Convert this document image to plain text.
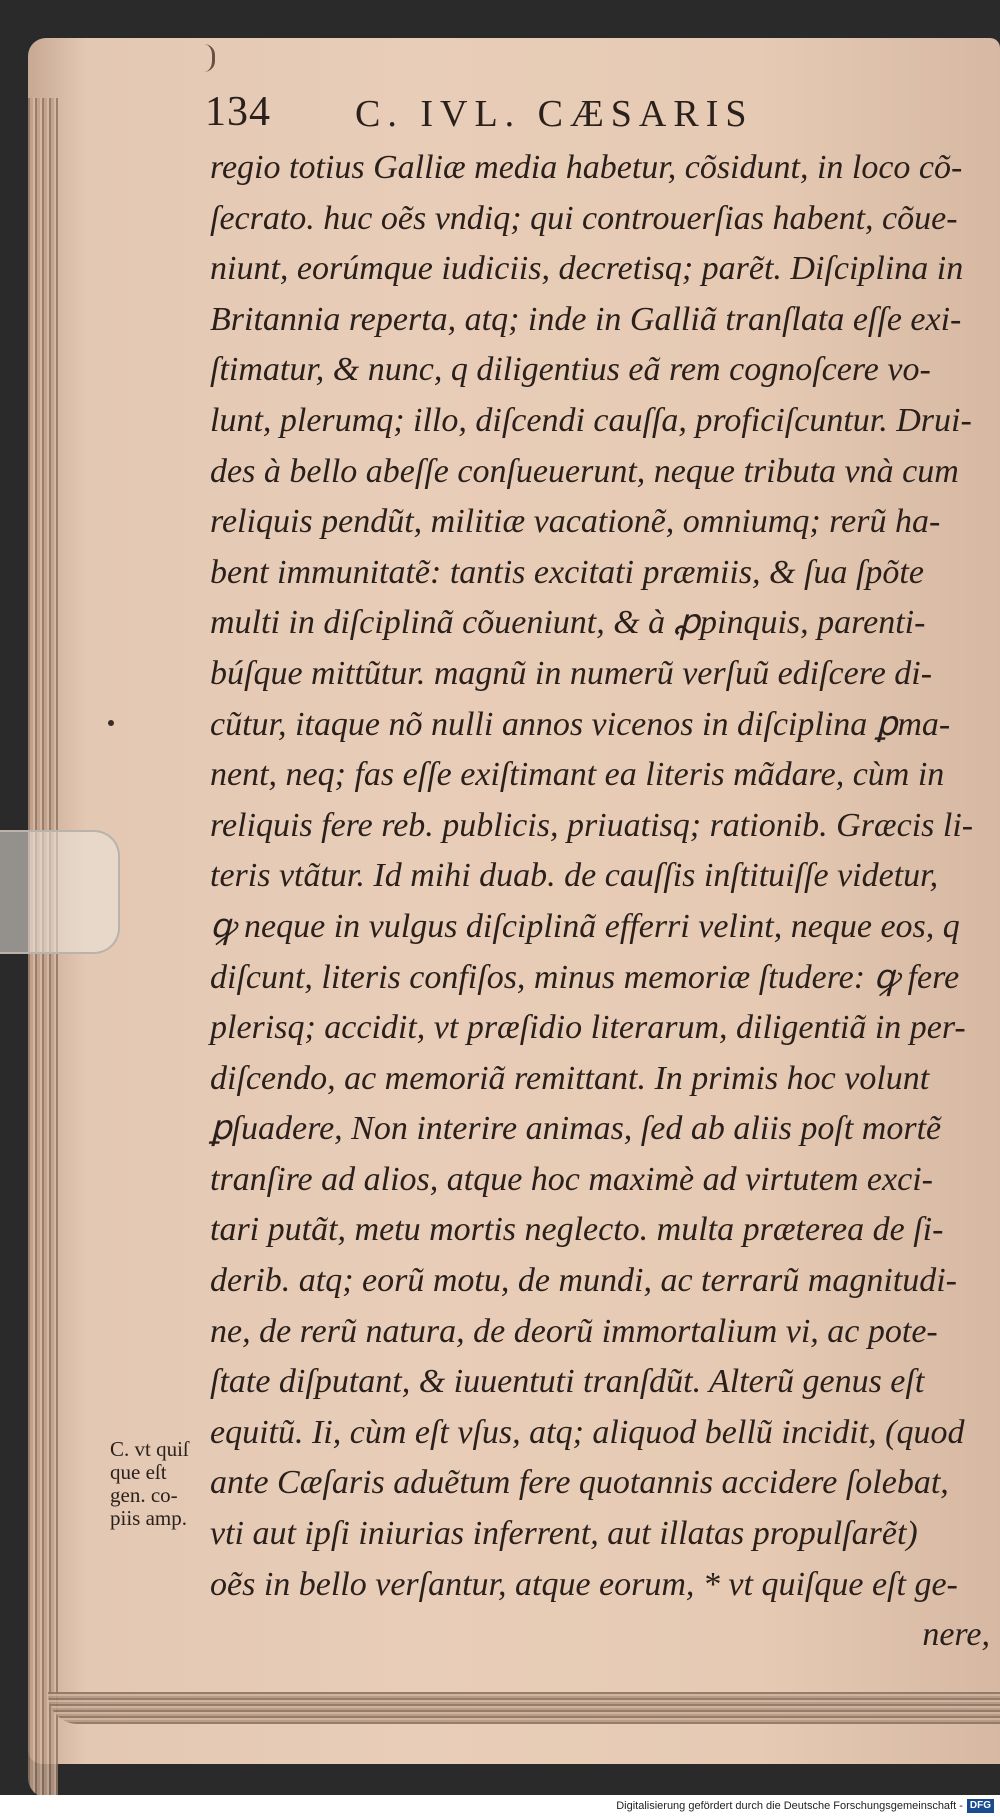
134 C. IVL. CÆSARIS
regio totius Galliæ media habetur, cõsidunt, in loco cõ-
ſecrato. huc oẽs vndiq; qui controuerſias habent, cõue-
niunt, eorúmque iudiciis, decretisq; parẽt. Diſciplina in
Britannia reperta, atq; inde in Galliã tranſlata eſſe exi-
ſtimatur, & nunc, q diligentius eã rem cognoſcere vo-
lunt, plerumq; illo, diſcendi cauſſa, proficiſcuntur. Drui-
des à bello abeſſe conſueuerunt, neque tributa vnà cum
reliquis pendũt, militiæ vacationẽ, omniumq; rerũ ha-
bent immunitatẽ: tantis excitati præmiis, & ſua ſpõte
multi in diſciplinã cõueniunt, & à ꝓpinquis, parenti-
búſque mittũtur. magnũ in numerũ verſuũ ediſcere di-
cũtur, itaque nõ nulli annos vicenos in diſciplina ꝑma-
nent, neq; fas eſſe exiſtimant ea literis mãdare, cùm in
reliquis fere reb. publicis, priuatisq; rationib. Græcis li-
teris vtãtur. Id mihi duab. de cauſſis inſtituiſſe videtur,
ꝙ neque in vulgus diſciplinã efferri velint, neque eos, q
diſcunt, literis confiſos, minus memoriæ ſtudere: ꝙ fere
plerisq; accidit, vt præſidio literarum, diligentiã in per-
diſcendo, ac memoriã remittant. In primis hoc volunt
ꝑſuadere, Non interire animas, ſed ab aliis poſt mortẽ
tranſire ad alios, atque hoc maximè ad virtutem exci-
tari putãt, metu mortis neglecto. multa præterea de ſi-
derib. atq; eorũ motu, de mundi, ac terrarũ magnitudi-
ne, de rerũ natura, de deorũ immortalium vi, ac pote-
ſtate diſputant, & iuuentuti tranſdũt. Alterũ genus eſt
equitũ. Ii, cùm eſt vſus, atq; aliquod bellũ incidit, (quod
ante Cæſaris aduẽtum fere quotannis accidere ſolebat,
vti aut ipſi iniurias inferrent, aut illatas propulſarẽt)
oẽs in bello verſantur, atque eorum, * vt quiſque eſt ge-
nere,
C. vt quiſ
que eſt
gen. co-
piis amp.
Digitalisierung gefördert durch die Deutsche Forschungsgemeinschaft - DFG
